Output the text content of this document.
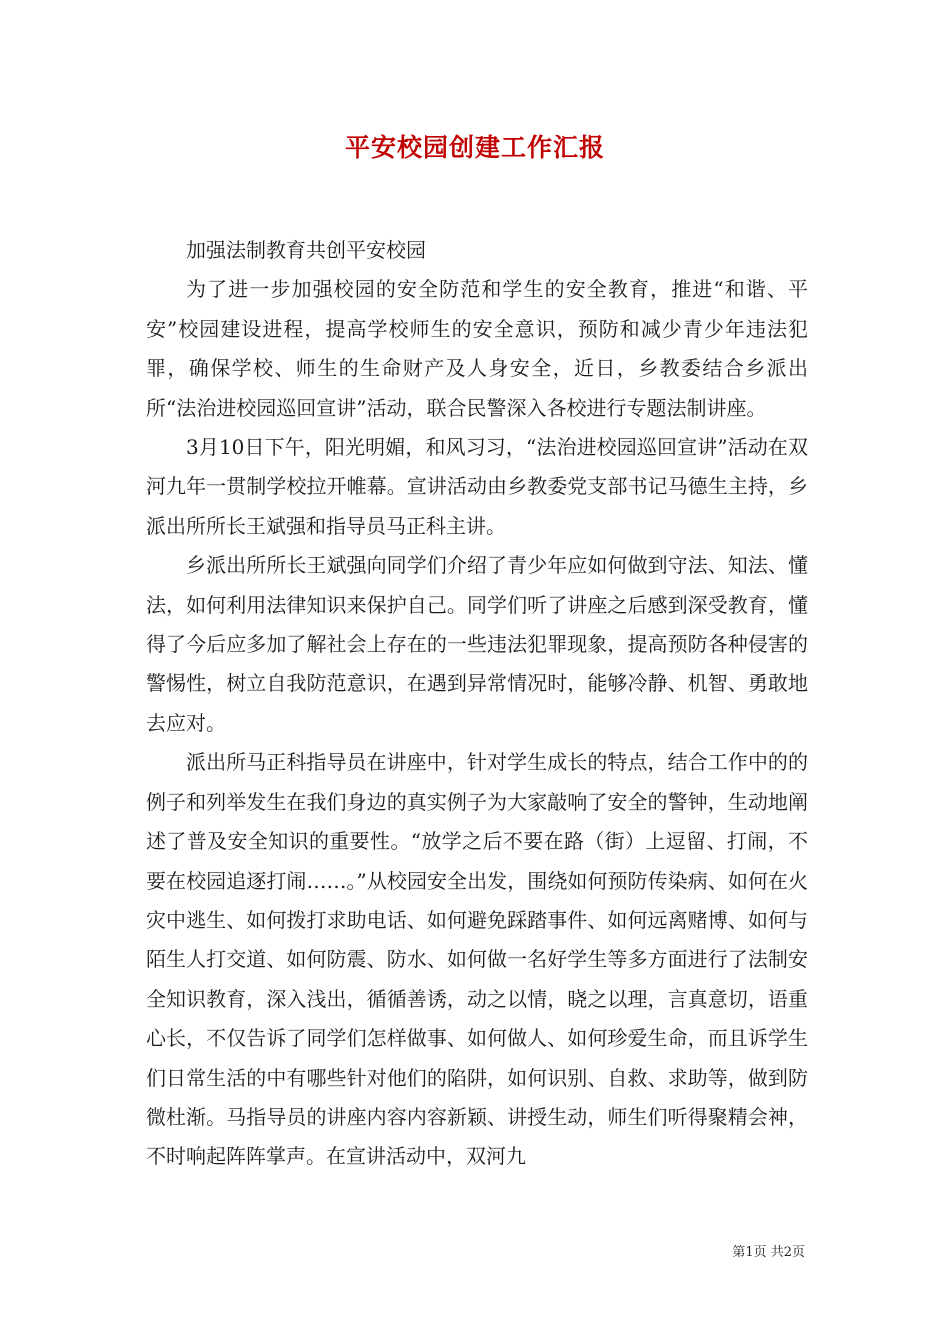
平安校园创建工作汇报

加强法制教育共创平安校园

为了进一步加强校园的安全防范和学生的安全教育，推进“和谐、平安”校园建设进程，提高学校师生的安全意识，预防和减少青少年违法犯罪，确保学校、师生的生命财产及人身安全，近日，乡教委结合乡派出所“法治进校园巡回宣讲”活动，联合民警深入各校进行专题法制讲座。

3月10日下午，阳光明媚，和风习习，“法治进校园巡回宣讲”活动在双河九年一贯制学校拉开帷幕。宣讲活动由乡教委党支部书记马德生主持，乡派出所所长王斌强和指导员马正科主讲。

乡派出所所长王斌强向同学们介绍了青少年应如何做到守法、知法、懂法，如何利用法律知识来保护自己。同学们听了讲座之后感到深受教育，懂得了今后应多加了解社会上存在的一些违法犯罪现象，提高预防各种侵害的警惕性，树立自我防范意识，在遇到异常情况时，能够冷静、机智、勇敢地去应对。

派出所马正科指导员在讲座中，针对学生成长的特点，结合工作中的的例子和列举发生在我们身边的真实例子为大家敲响了安全的警钟，生动地阐述了普及安全知识的重要性。“放学之后不要在路（街）上逗留、打闹，不要在校园追逐打闹……。”从校园安全出发，围绕如何预防传染病、如何在火灾中逃生、如何拨打求助电话、如何避免踩踏事件、如何远离赌博、如何与陌生人打交道、如何防震、防水、如何做一名好学生等多方面进行了法制安全知识教育，深入浅出，循循善诱，动之以情，晓之以理，言真意切，语重心长，不仅告诉了同学们怎样做事、如何做人、如何珍爱生命，而且诉学生们日常生活的中有哪些针对他们的陷阱，如何识别、自救、求助等，做到防微杜渐。马指导员的讲座内容内容新颖、讲授生动，师生们听得聚精会神，不时响起阵阵掌声。在宣讲活动中，双河九

第1页 共2页
